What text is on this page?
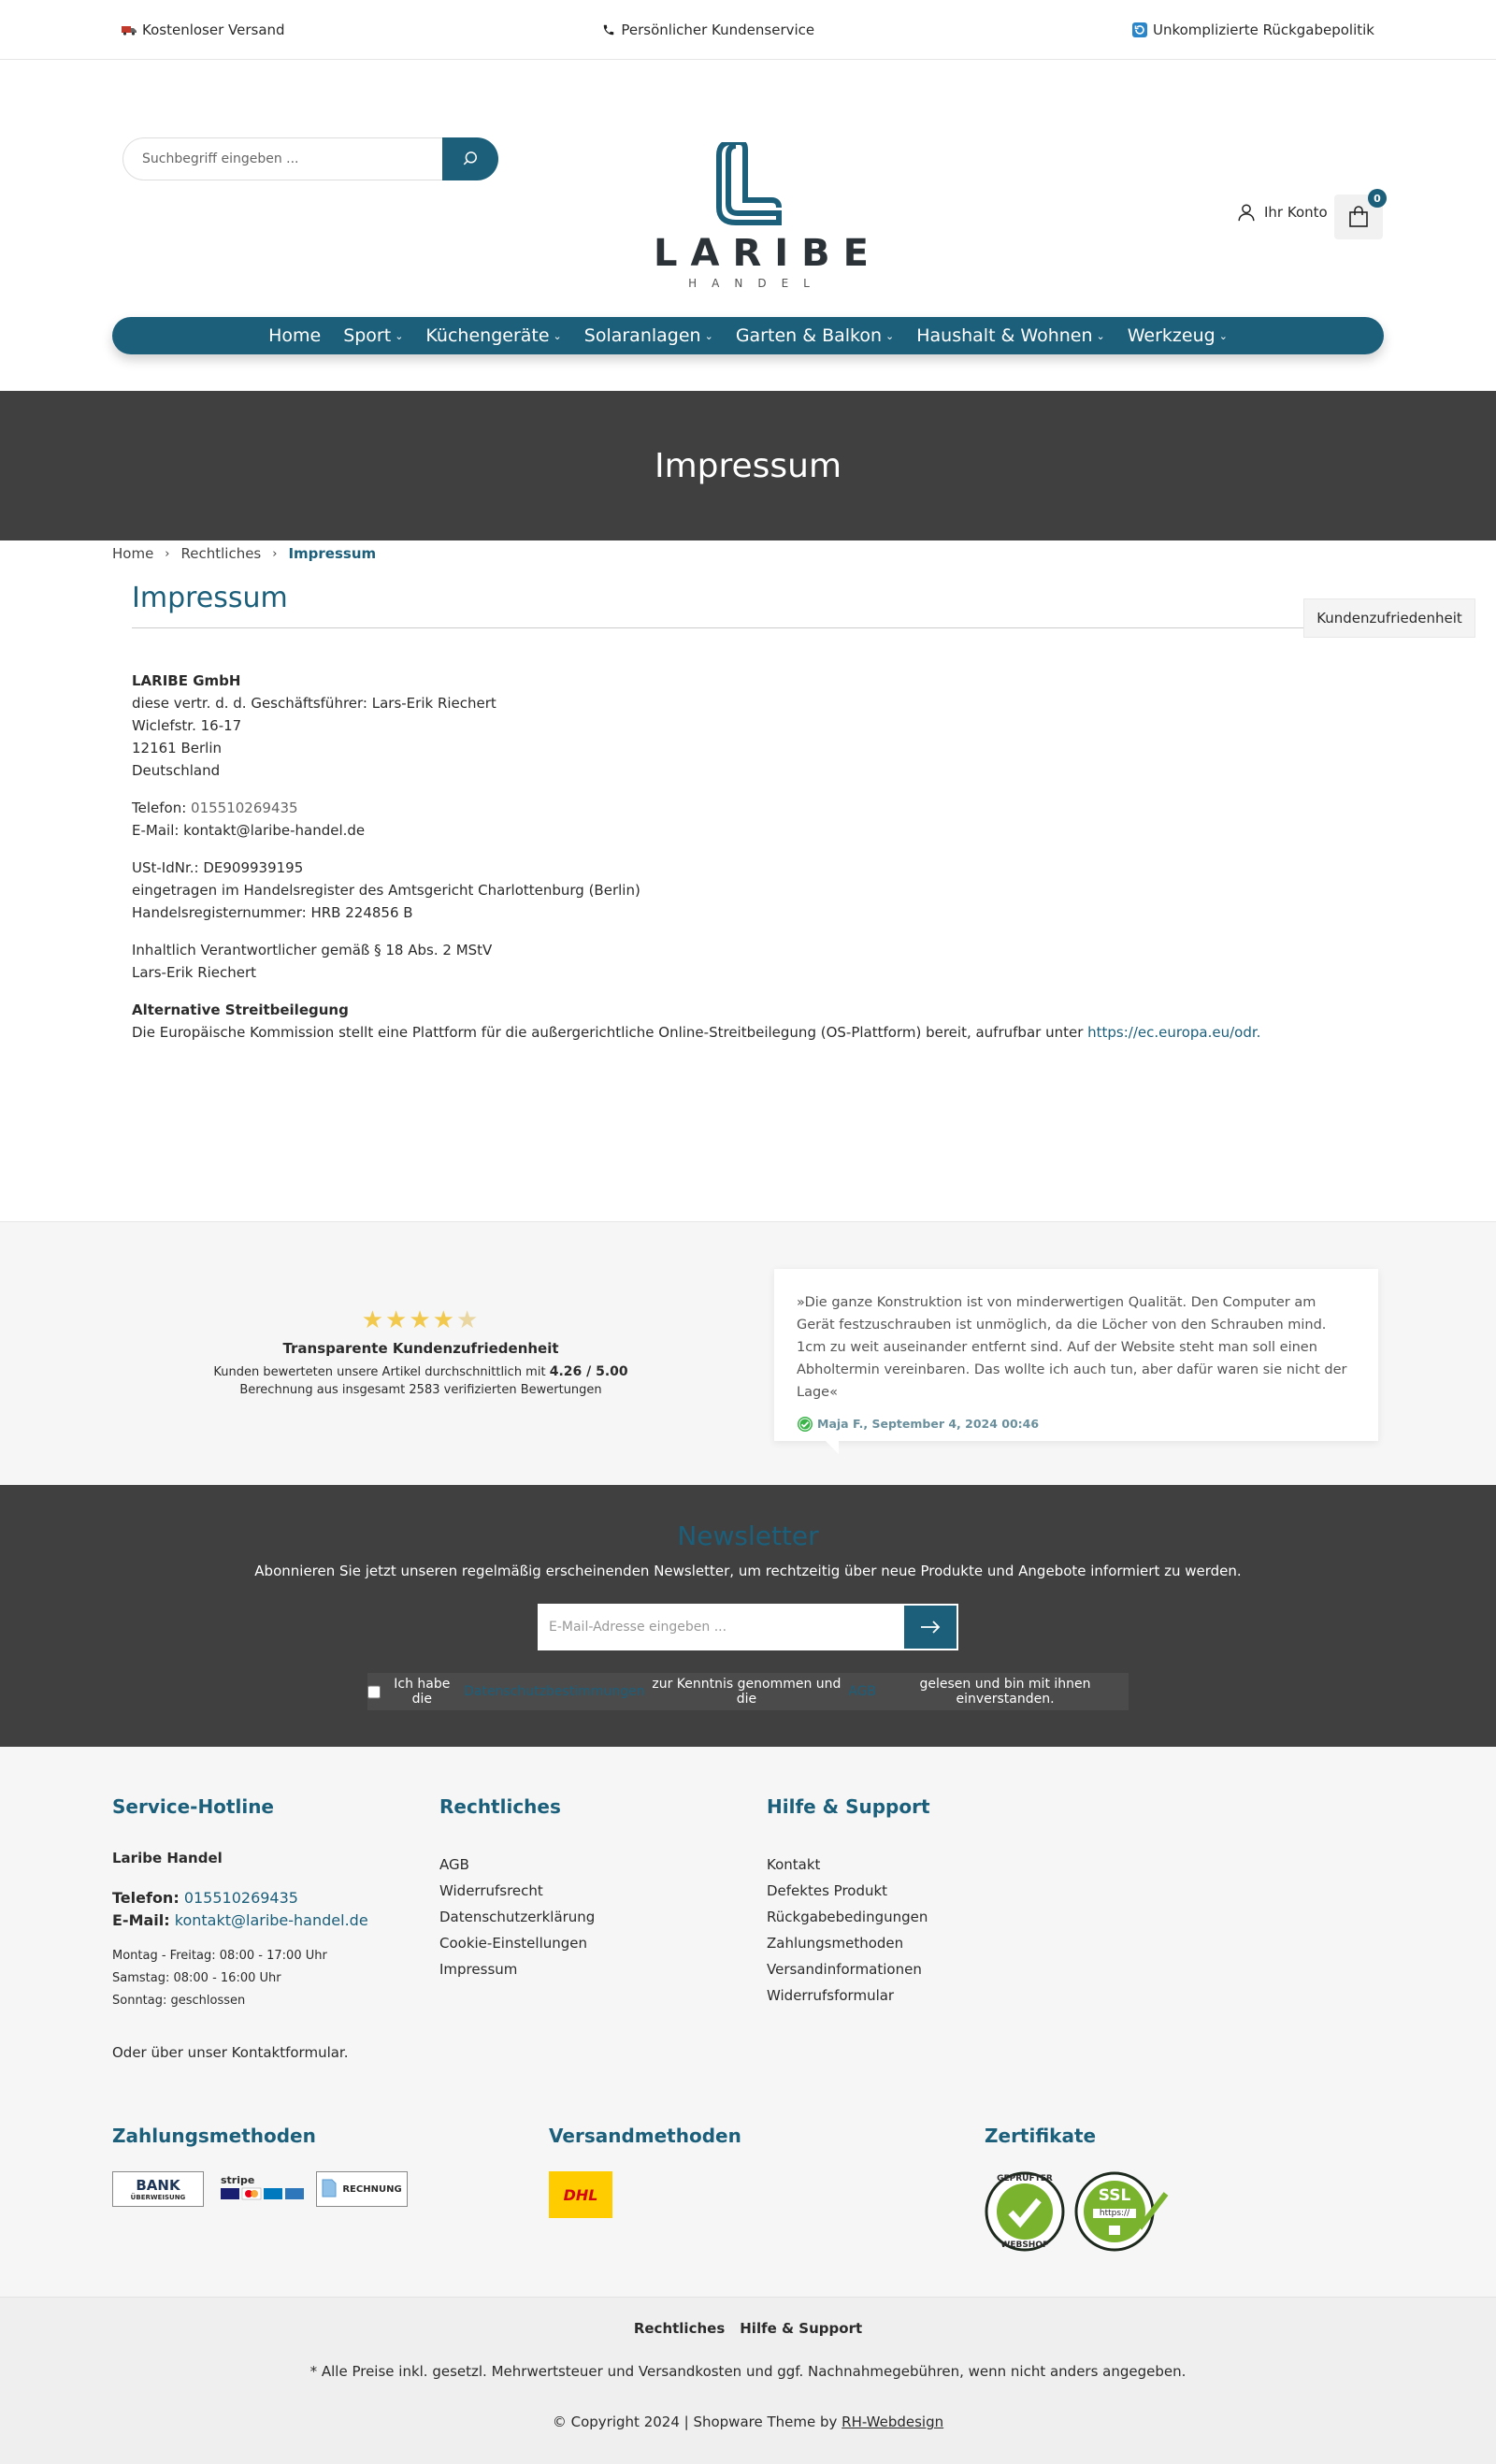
Kostenloser Versand	Persönlicher Kundenservice	Unkomplizierte Rückgabepolitik
Suchbegriff eingeben ...
LARIBE
HANDEL
Ihr Konto
0
Home Sport ⌄ Küchengeräte ⌄ Solaranlagen ⌄ Garten & Balkon ⌄ Haushalt & Wohnen ⌄ Werkzeug ⌄
Impressum
Home › Rechtliches › Impressum
Impressum
Kundenzufriedenheit

LARIBE GmbH
diese vertr. d. d. Geschäftsführer: Lars-Erik Riechert
Wiclefstr. 16-17
12161 Berlin
Deutschland

Telefon: 015510269435
E-Mail: kontakt@laribe-handel.de

USt-IdNr.: DE909939195
eingetragen im Handelsregister des Amtsgericht Charlottenburg (Berlin)
Handelsregisternummer: HRB 224856 B

Inhaltlich Verantwortlicher gemäß § 18 Abs. 2 MStV
Lars-Erik Riechert

Alternative Streitbeilegung
Die Europäische Kommission stellt eine Plattform für die außergerichtliche Online-Streitbeilegung (OS-Plattform) bereit, aufrufbar unter https://ec.europa.eu/odr.

★★★★★
Transparente Kundenzufriedenheit
Kunden bewerteten unsere Artikel durchschnittlich mit 4.26 / 5.00
Berechnung aus insgesamt 2583 verifizierten Bewertungen
»Die ganze Konstruktion ist von minderwertigen Qualität. Den Computer am Gerät festzuschrauben ist unmöglich, da die Löcher von den Schrauben mind. 1cm zu weit auseinander entfernt sind. Auf der Website steht man soll einen Abholtermin vereinbaren. Das wollte ich auch tun, aber dafür waren sie nicht der Lage«
Maja F., September 4, 2024 00:46
Newsletter
Abonnieren Sie jetzt unseren regelmäßig erscheinenden Newsletter, um rechtzeitig über neue Produkte und Angebote informiert zu werden.
E-Mail-Adresse eingeben ...
Ich habe die	Datenschutzbestimmungen zur Kenntnis genommen und die	AGB	gelesen und bin mit ihnen einverstanden.
Service-Hotline
Laribe Handel
Telefon: 015510269435
E-Mail: kontakt@laribe-handel.de
Montag - Freitag: 08:00 - 17:00 Uhr
Samstag: 08:00 - 16:00 Uhr
Sonntag: geschlossen
Oder über unser Kontaktformular.
Rechtliches
AGB
Widerrufsrecht
Datenschutzerklärung
Cookie-Einstellungen
Impressum
Hilfe & Support
Kontakt
Defektes Produkt
Rückgabebedingungen
Zahlungsmethoden
Versandinformationen
Widerrufsformular
Zahlungsmethoden
BANK
ÜBERWEISUNG
stripe
RECHNUNG
Versandmethoden
DHL
Zertifikate
GEPRÜFTER
WEBSHOP
SSL
https://
Rechtliches Hilfe & Support
* Alle Preise inkl. gesetzl. Mehrwertsteuer und Versandkosten und ggf. Nachnahmegebühren, wenn nicht anders angegeben.
© Copyright 2024 | Shopware Theme by RH-Webdesign
